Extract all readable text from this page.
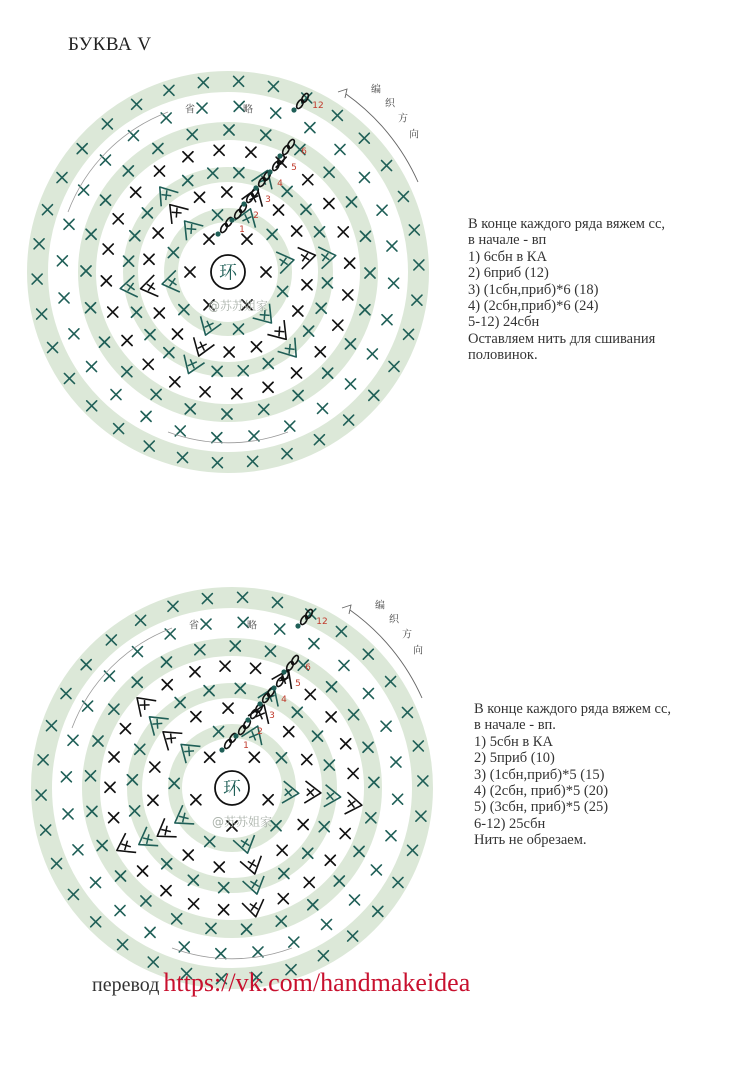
БУКВА V
环
省	略
编
织
方
向
1
2
3
4
5
6
12
@苏苏姐家
В конце каждого ряда вяжем сс,
в начале - вп
1) 6сбн в КА
2) 6приб (12)
3) (1сбн,приб)*6 (18)
4) (2сбн,приб)*6 (24)
5-12) 24сбн
Оставляем нить для сшивания
половинок.
环
省	略
编
织
方
向
1
2
3
4
5
6
12
@苏苏姐家
В конце каждого ряда вяжем сс,
в начале - вп.
1) 5сбн в КА
2) 5приб (10)
3) (1сбн,приб)*5 (15)
4) (2сбн, приб)*5 (20)
5) (3сбн, приб)*5 (25)
6-12) 25сбн
Нить не обрезаем.
перевод https://vk.com/handmakeidea
